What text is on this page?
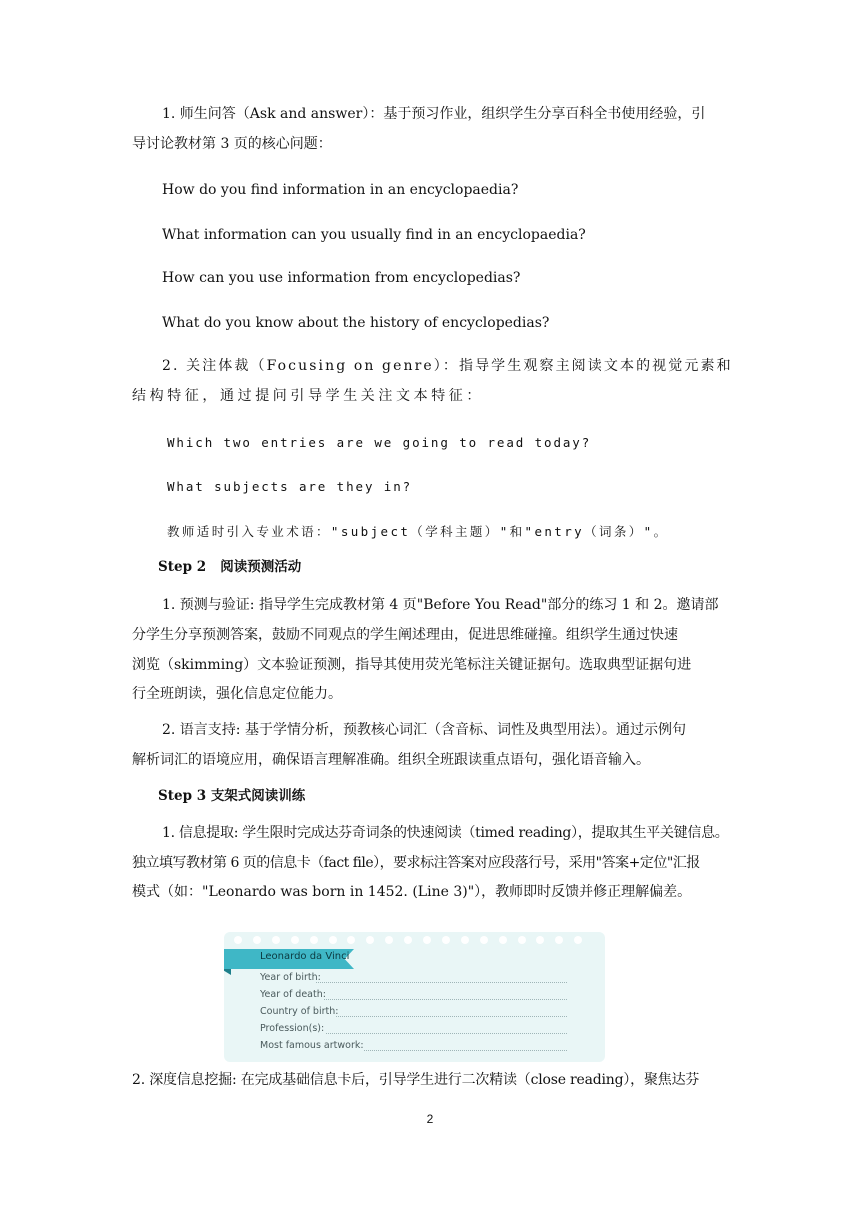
1. 师生问答（Ask and answer）：基于预习作业，组织学生分享百科全书使用经验，引

导讨论教材第 3 页的核心问题：

How do you find information in an encyclopaedia?

What information can you usually find in an encyclopaedia?

How can you use information from encyclopedias?

What do you know about the history of encyclopedias?

2. 关注体裁（Focusing on genre）：指导学生观察主阅读文本的视觉元素和

结构特征，通过提问引导学生关注文本特征：

Which two entries are we going to read today?

What subjects are they in?

教师适时引入专业术语："subject（学科主题）"和"entry（词条）"。

Step 2 阅读预测活动

1. 预测与验证: 指导学生完成教材第 4 页"Before You Read"部分的练习 1 和 2。邀请部

分学生分享预测答案，鼓励不同观点的学生阐述理由，促进思维碰撞。组织学生通过快速

浏览（skimming）文本验证预测，指导其使用荧光笔标注关键证据句。选取典型证据句进

行全班朗读，强化信息定位能力。

2. 语言支持: 基于学情分析，预教核心词汇（含音标、词性及典型用法）。通过示例句

解析词汇的语境应用，确保语言理解准确。组织全班跟读重点语句，强化语音输入。

Step 3 支架式阅读训练

1. 信息提取: 学生限时完成达芬奇词条的快速阅读（timed reading），提取其生平关键信息。

独立填写教材第 6 页的信息卡（fact file），要求标注答案对应段落行号，采用"答案+定位"汇报

模式（如："Leonardo was born in 1452. (Line 3)"），教师即时反馈并修正理解偏差。

Leonardo da Vinci
Year of birth:
Year of death:
Country of birth:
Profession(s):
Most famous artwork:

2. 深度信息挖掘: 在完成基础信息卡后，引导学生进行二次精读（close reading），聚焦达芬

2
